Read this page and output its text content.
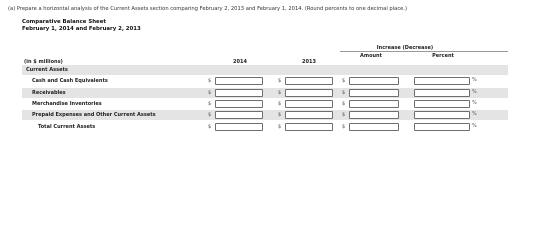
(a) Prepare a horizontal analysis of the Current Assets section comparing February 2, 2013 and February 1, 2014. (Round percents to one decimal place.)
Comparative Balance Sheet
February 1, 2014 and February 2, 2013
Increase (Decrease)
(in $ millions)	2014	2013
Amount	Percent
Current Assets
Cash and Cash Equivalents	$	$	$	%
Receivables	$	$	$	%
Merchandise Inventories	$	$	$	%
Prepaid Expenses and Other Current Assets	$	$	$	%
Total Current Assets	$	$	$	%
